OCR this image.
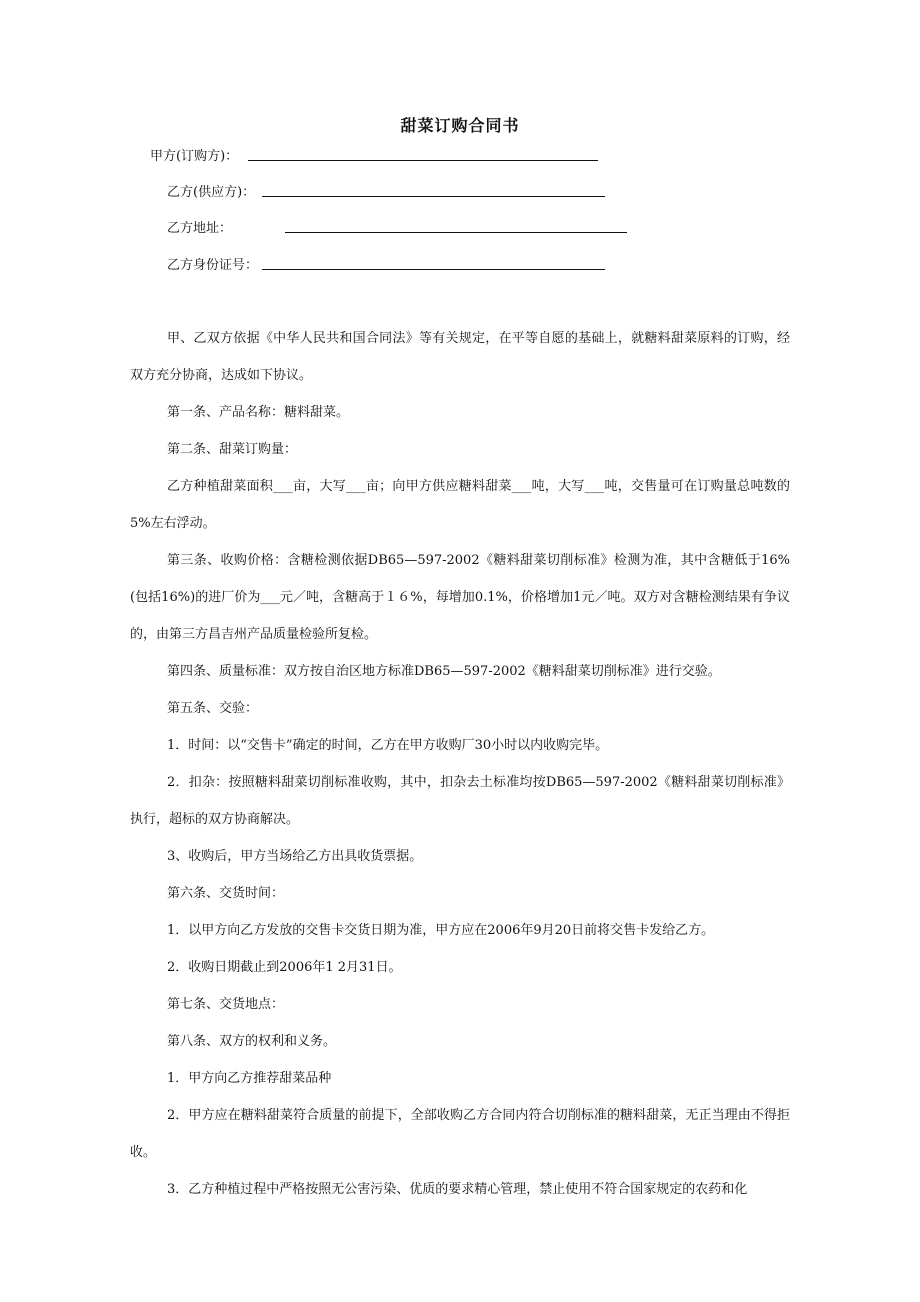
甜菜订购合同书
甲方(订购方)：
乙方(供应方)：
乙方地址：
乙方身份证号：

甲、乙双方依据《中华人民共和国合同法》等有关规定，在平等自愿的基础上，就糖料甜菜原料的订购，经双方充分协商，达成如下协议。

第一条、产品名称：糖料甜菜。

第二条、甜菜订购量：

乙方种植甜菜面积___亩，大写___亩；向甲方供应糖料甜菜___吨，大写___吨，交售量可在订购量总吨数的5%左右浮动。

第三条、收购价格：含糖检测依据DB65—597-2002《糖料甜菜切削标准》检测为准，其中含糖低于16%(包括16%)的进厂价为___元／吨，含糖高于１６%，每增加0.1%，价格增加1元／吨。双方对含糖检测结果有争议的，由第三方昌吉州产品质量检验所复检。

第四条、质量标准：双方按自治区地方标准DB65—597-2002《糖料甜菜切削标准》进行交验。

第五条、交验：

1．时间：以“交售卡”确定的时间，乙方在甲方收购厂30小时以内收购完毕。

2．扣杂：按照糖料甜菜切削标准收购，其中，扣杂去土标准均按DB65—597-2002《糖料甜菜切削标准》执行，超标的双方协商解决。

3、收购后，甲方当场给乙方出具收货票据。

第六条、交货时间：

1．以甲方向乙方发放的交售卡交货日期为准，甲方应在2006年9月20日前将交售卡发给乙方。

2．收购日期截止到2006年1 2月31日。

第七条、交货地点：

第八条、双方的权利和义务。

1．甲方向乙方推荐甜菜品种

2．甲方应在糖料甜菜符合质量的前提下，全部收购乙方合同内符合切削标准的糖料甜菜，无正当理由不得拒收。

3．乙方种植过程中严格按照无公害污染、优质的要求精心管理，禁止使用不符合国家规定的农药和化
